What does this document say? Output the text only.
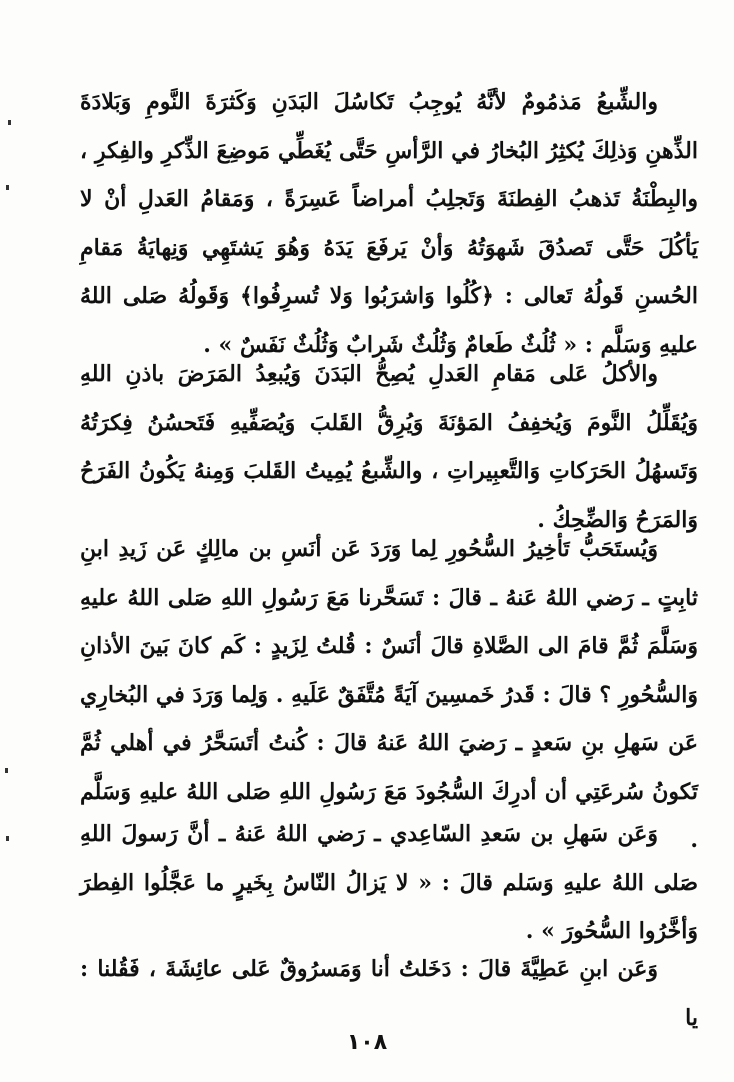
والشِّبعُ مَذمُومٌ لأنَّهُ يُوجِبُ تَكاسُلَ البَدَنِ وَكَثرَةَ النَّومِ وَبَلادَةَ الذِّهنِ وَذلِكَ يُكثِرُ البُخارُ في الرَّأسِ حَتَّى يُغَطِّي مَوضِعَ الذِّكرِ والفِكرِ ، والبِطْنَةُ تَذهبُ الفِطنَةَ وَتَجلِبُ أمراضاً عَسِرَةً ، وَمَقامُ العَدلِ أنْ لا يَأكُلَ حَتَّى تَصدُقَ شَهوَتُهُ وَأنْ يَرفَعَ يَدَهُ وَهُوَ يَشتَهِي وَنِهايَةُ مَقامِ الحُسنِ قَولُهُ تَعالى : ﴿كُلُوا وَاشرَبُوا وَلا تُسرِفُوا﴾ وَقَولُهُ صَلى اللهُ عليهِ وَسَلَّم : « ثُلُثٌ طَعامٌ وَثُلُثٌ شَرابٌ وَثُلُثٌ نَفَسٌ » .

والأكلُ عَلى مَقامِ العَدلِ يُصِحُّ البَدَنَ وَيُبعِدُ المَرَضَ باذنِ اللهِ وَيُقَلِّلُ النَّومَ وَيُخفِفُ المَؤنَةَ وَيُرِقُّ القَلبَ وَيُصَفِّيهِ فَتَحسُنُ فِكرَتُهُ وَتَسهُلُ الحَرَكاتِ وَالتَّعبِيراتِ ، والشِّبعُ يُمِيتُ القَلبَ وَمِنهُ يَكُونُ الفَرَحُ وَالمَرَحُ وَالضِّحِكُ .

وَيُستَحَبُّ تَأخِيرُ السُّحُورِ لِما وَرَدَ عَن أنَسِ بن مالِكٍ عَن زَيدِ ابنِ ثابِتٍ ـ رَضي اللهُ عَنهُ ـ قالَ : تَسَحَّرنا مَعَ رَسُولِ اللهِ صَلى اللهُ عليهِ وَسَلَّمَ ثُمَّ قامَ الى الصَّلاةِ قالَ أنَسٌ : قُلتُ لِزَيدٍ : كَم كانَ بَينَ الأذانِ وَالسُّحُورِ ؟ قالَ : قَدرُ خَمسِينَ آيَةً مُتَّفَقٌ عَلَيهِ . وَلِما وَرَدَ في البُخارِي عَن سَهلِ بنِ سَعدٍ ـ رَضيَ اللهُ عَنهُ قالَ : كُنتُ أتَسَحَّرُ في أهلي ثُمَّ تَكونُ سُرعَتِي أن أدرِكَ السُّجُودَ مَعَ رَسُولِ اللهِ صَلى اللهُ عليهِ وَسَلَّم .

وَعَن سَهلِ بن سَعدِ السّاعِدي ـ رَضي اللهُ عَنهُ ـ أنَّ رَسولَ اللهِ صَلى اللهُ عليهِ وَسَلم قالَ : « لا يَزالُ النّاسُ بِخَيرٍ ما عَجَّلُوا الفِطرَ وَأخَّرُوا السُّحُورَ » .

وَعَن ابنِ عَطِيَّةَ قالَ : دَخَلتُ أنا وَمَسرُوقٌ عَلى عائِشَةَ ، فَقُلنا : يا

١٠٨
